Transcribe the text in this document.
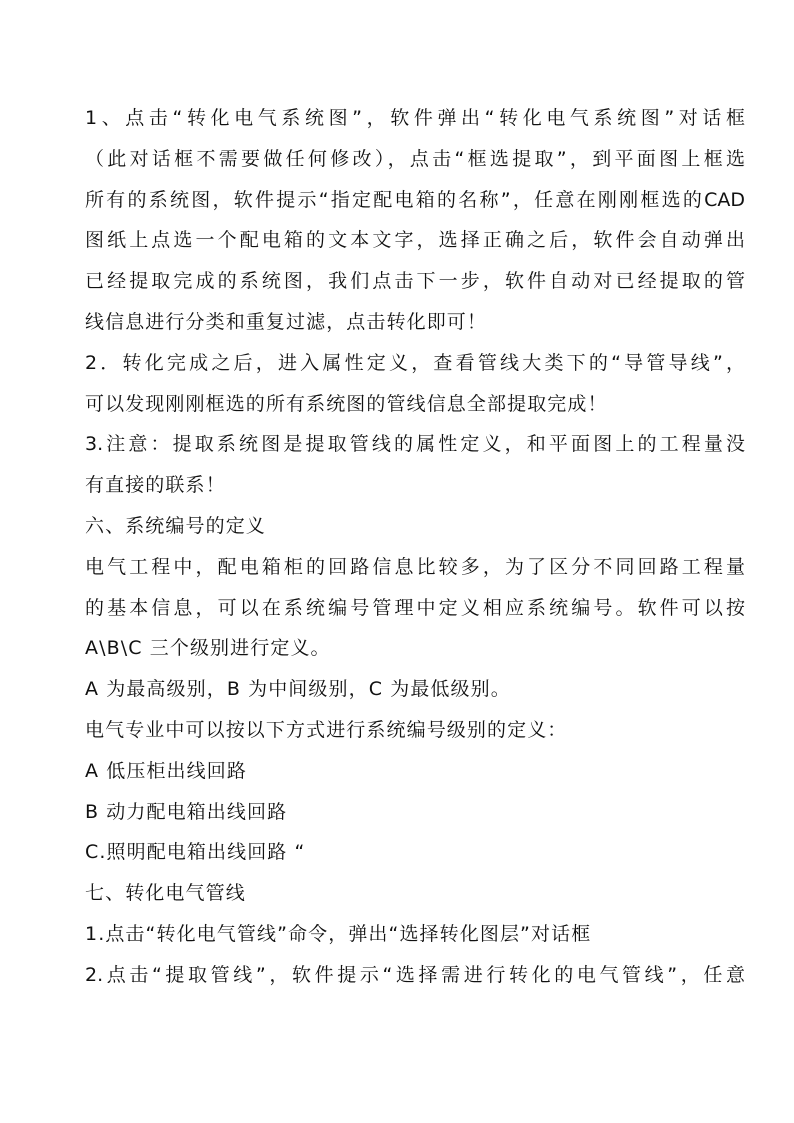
1、点击“转化电气系统图”，软件弹出“转化电气系统图”对话框
（此对话框不需要做任何修改），点击“框选提取”，到平面图上框选
所有的系统图，软件提示“指定配电箱的名称”，任意在刚刚框选的CAD
图纸上点选一个配电箱的文本文字，选择正确之后，软件会自动弹出
已经提取完成的系统图，我们点击下一步，软件自动对已经提取的管
线信息进行分类和重复过滤，点击转化即可！
2．转化完成之后，进入属性定义，查看管线大类下的“导管导线”，
可以发现刚刚框选的所有系统图的管线信息全部提取完成！
3.注意：提取系统图是提取管线的属性定义，和平面图上的工程量没
有直接的联系！
六、系统编号的定义
电气工程中，配电箱柜的回路信息比较多，为了区分不同回路工程量
的基本信息，可以在系统编号管理中定义相应系统编号。软件可以按
A\B\C 三个级别进行定义。
A 为最高级别，B 为中间级别，C 为最低级别。
电气专业中可以按以下方式进行系统编号级别的定义：
A 低压柜出线回路
B 动力配电箱出线回路
C.照明配电箱出线回路 “
七、转化电气管线
1.点击“转化电气管线”命令，弹出“选择转化图层”对话框
2.点击“提取管线”，软件提示“选择需进行转化的电气管线”，任意
